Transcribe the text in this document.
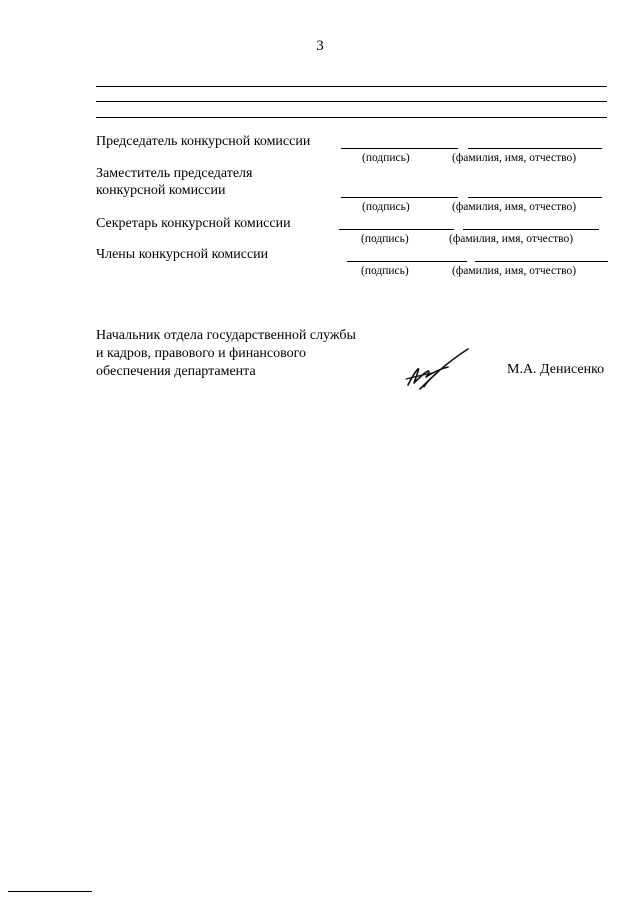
3
Председатель конкурсной комиссии
(подпись)	(фамилия, имя, отчество)
Заместитель председателя
конкурсной комиссии
(подпись)	(фамилия, имя, отчество)
Секретарь конкурсной комиссии
(подпись)	(фамилия, имя, отчество)
Члены конкурсной комиссии
(подпись)	(фамилия, имя, отчество)
Начальник отдела государственной службы
и кадров, правового и финансового
обеспечения департамента	М.А. Денисенко
